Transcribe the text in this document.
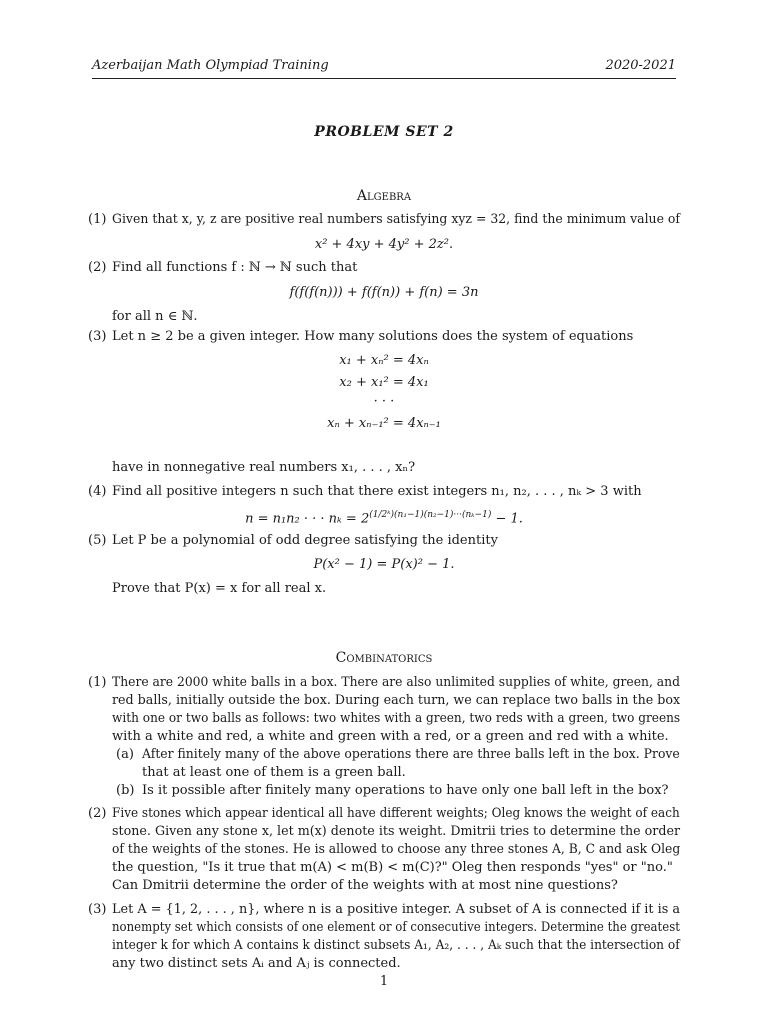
Azerbaijan Math Olympiad Training	2020-2021
PROBLEM SET 2
Algebra
(1) Given that x, y, z are positive real numbers satisfying xyz = 32, find the minimum value of
x² + 4xy + 4y² + 2z².
(2) Find all functions f : ℕ → ℕ such that
f(f(f(n))) + f(f(n)) + f(n) = 3n
for all n ∈ ℕ.
(3) Let n ≥ 2 be a given integer. How many solutions does the system of equations
x₁ + xₙ² = 4xₙ
x₂ + x₁² = 4x₁
· · ·
xₙ + xₙ₋₁² = 4xₙ₋₁
have in nonnegative real numbers x₁, . . . , xₙ?
(4) Find all positive integers n such that there exist integers n₁, n₂, . . . , nₖ > 3 with
n = n₁n₂ · · · $n_k = 2^{(1/2ᵏ)(n_1-1)(n_2-1)\cdot\cdot\cdot(n_k-1)} - 1$.
(5) Let P be a polynomial of odd degree satisfying the identity
P(x² − 1) = P(x)² − 1.
Prove that P(x) = x for all real x.
Combinatorics
(1) There are 2000 white balls in a box. There are also unlimited supplies of white, green, and
red balls, initially outside the box. During each turn, we can replace two balls in the box
with one or two balls as follows: two whites with a green, two reds with a green, two greens
with a white and red, a white and green with a red, or a green and red with a white.
(a) After finitely many of the above operations there are three balls left in the box. Prove
that at least one of them is a green ball.
(b) Is it possible after finitely many operations to have only one ball left in the box?
(2) Five stones which appear identical all have different weights; Oleg knows the weight of each
stone. Given any stone x, let m(x) denote its weight. Dmitrii tries to determine the order
of the weights of the stones. He is allowed to choose any three stones A, B, C and ask Oleg
the question, "Is it true that m(A) < m(B) < m(C)?" Oleg then responds "yes" or "no."
Can Dmitrii determine the order of the weights with at most nine questions?
(3) Let A = {1, 2, . . . , n}, where n is a positive integer. A subset of A is connected if it is a
nonempty set which consists of one element or of consecutive integers. Determine the greatest
1
integer k for which A contains k distinct subsets A₁, A₂, . . . , Aₖ such that the intersection of
any two distinct sets Aᵢ and Aⱼ is connected.
